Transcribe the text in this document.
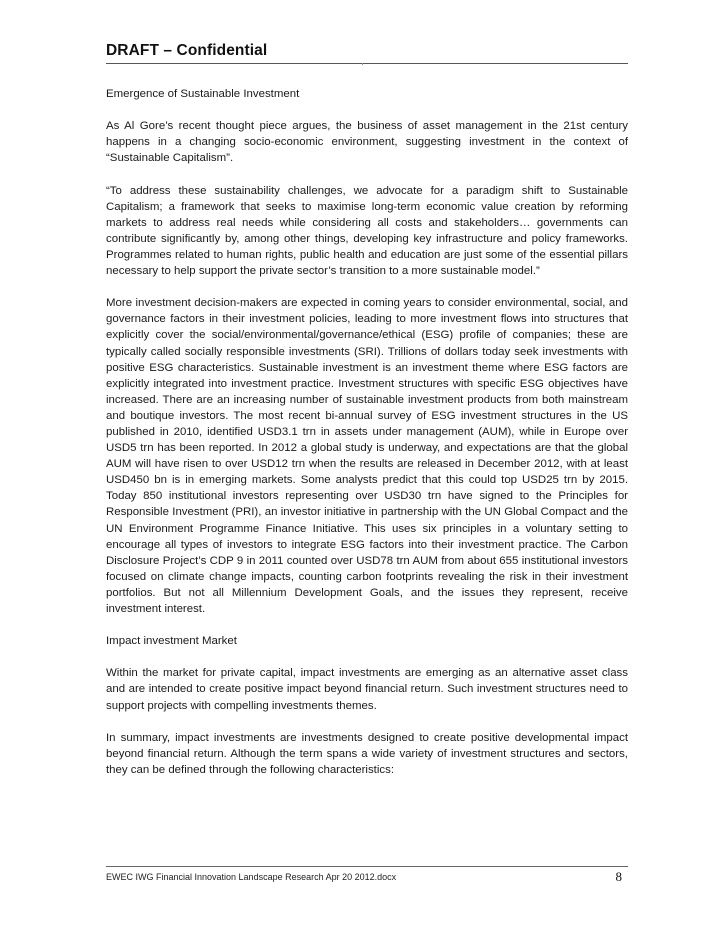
DRAFT – Confidential

Emergence of Sustainable Investment

As Al Gore’s recent thought piece argues, the business of asset management in the 21st century happens in a changing socio-economic environment, suggesting investment in the context of “Sustainable Capitalism”.

“To address these sustainability challenges, we advocate for a paradigm shift to Sustainable Capitalism; a framework that seeks to maximise long-term economic value creation by reforming markets to address real needs while considering all costs and stakeholders… governments can contribute significantly by, among other things, developing key infrastructure and policy frameworks. Programmes related to human rights, public health and education are just some of the essential pillars necessary to help support the private sector’s transition to a more sustainable model.”

More investment decision-makers are expected in coming years to consider environmental, social, and governance factors in their investment policies, leading to more investment flows into structures that explicitly cover the social/environmental/governance/ethical (ESG) profile of companies; these are typically called socially responsible investments (SRI). Trillions of dollars today seek investments with positive ESG characteristics. Sustainable investment is an investment theme where ESG factors are explicitly integrated into investment practice. Investment structures with specific ESG objectives have increased. There are an increasing number of sustainable investment products from both mainstream and boutique investors. The most recent bi-annual survey of ESG investment structures in the US published in 2010, identified USD3.1 trn in assets under management (AUM), while in Europe over USD5 trn has been reported. In 2012 a global study is underway, and expectations are that the global AUM will have risen to over USD12 trn when the results are released in December 2012, with at least USD450 bn is in emerging markets. Some analysts predict that this could top USD25 trn by 2015. Today 850 institutional investors representing over USD30 trn have signed to the Principles for Responsible Investment (PRI), an investor initiative in partnership with the UN Global Compact and the UN Environment Programme Finance Initiative. This uses six principles in a voluntary setting to encourage all types of investors to integrate ESG factors into their investment practice. The Carbon Disclosure Project’s CDP 9 in 2011 counted over USD78 trn AUM from about 655 institutional investors focused on climate change impacts, counting carbon footprints revealing the risk in their investment portfolios. But not all Millennium Development Goals, and the issues they represent, receive investment interest.

Impact investment Market

Within the market for private capital, impact investments are emerging as an alternative asset class and are intended to create positive impact beyond financial return. Such investment structures need to support projects with compelling investments themes.

In summary, impact investments are investments designed to create positive developmental impact beyond financial return. Although the term spans a wide variety of investment structures and sectors, they can be defined through the following characteristics:

EWEC IWG Financial Innovation Landscape Research Apr 20 2012.docx	8
